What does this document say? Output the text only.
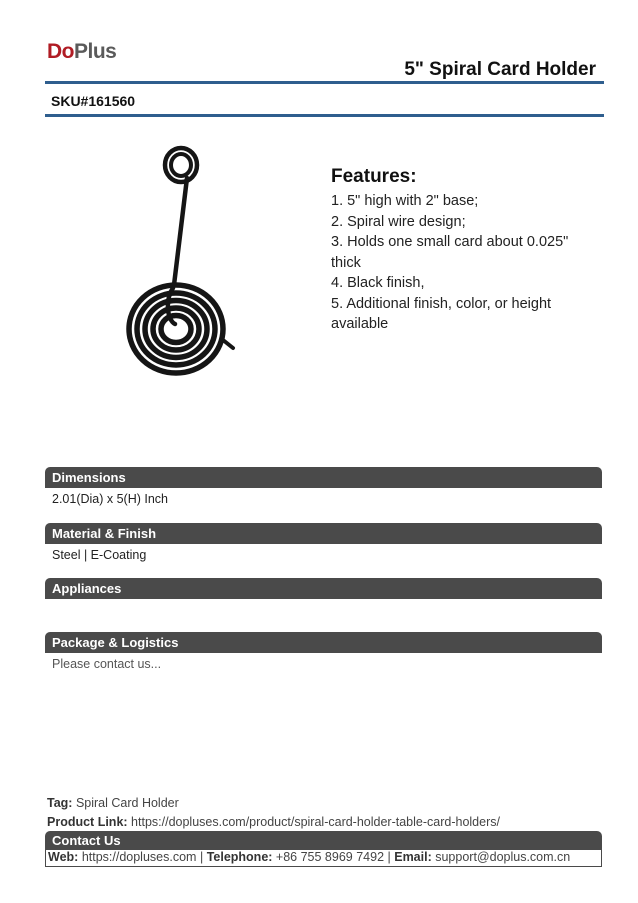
DoPlus
5" Spiral Card Holder
SKU#161560
Features:
1. 5" high with 2" base;
2. Spiral wire design;
3. Holds one small card about 0.025" thick
4. Black finish,
5. Additional finish, color, or height available
Dimensions
2.01(Dia) x 5(H) Inch
Material & Finish
Steel | E-Coating
Appliances
Package & Logistics
Please contact us...
Tag: Spiral Card Holder
Product Link: https://dopluses.com/product/spiral-card-holder-table-card-holders/
Contact Us
Web: https://dopluses.com | Telephone: +86 755 8969 7492 | Email: support@doplus.com.cn
